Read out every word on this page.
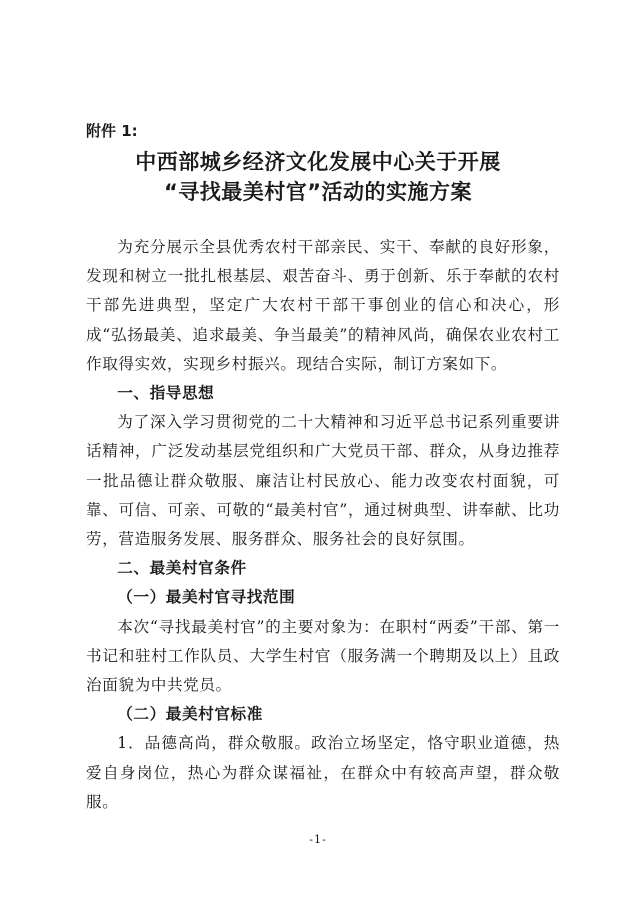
附件 1:
中西部城乡经济文化发展中心关于开展
“寻找最美村官”活动的实施方案

为充分展示全县优秀农村干部亲民、实干、奉献的良好形象，发现和树立一批扎根基层、艰苦奋斗、勇于创新、乐于奉献的农村干部先进典型，坚定广大农村干部干事创业的信心和决心，形成“弘扬最美、追求最美、争当最美”的精神风尚，确保农业农村工作取得实效，实现乡村振兴。现结合实际，制订方案如下。

一、指导思想

为了深入学习贯彻党的二十大精神和习近平总书记系列重要讲话精神，广泛发动基层党组织和广大党员干部、群众，从身边推荐一批品德让群众敬服、廉洁让村民放心、能力改变农村面貌，可靠、可信、可亲、可敬的“最美村官”，通过树典型、讲奉献、比功劳，营造服务发展、服务群众、服务社会的良好氛围。

二、最美村官条件

（一）最美村官寻找范围

本次“寻找最美村官”的主要对象为：在职村“两委”干部、第一书记和驻村工作队员、大学生村官（服务满一个聘期及以上）且政治面貌为中共党员。

（二）最美村官标准

1．品德高尚，群众敬服。政治立场坚定，恪守职业道德，热爱自身岗位，热心为群众谋福祉，在群众中有较高声望，群众敬服。

-1-
